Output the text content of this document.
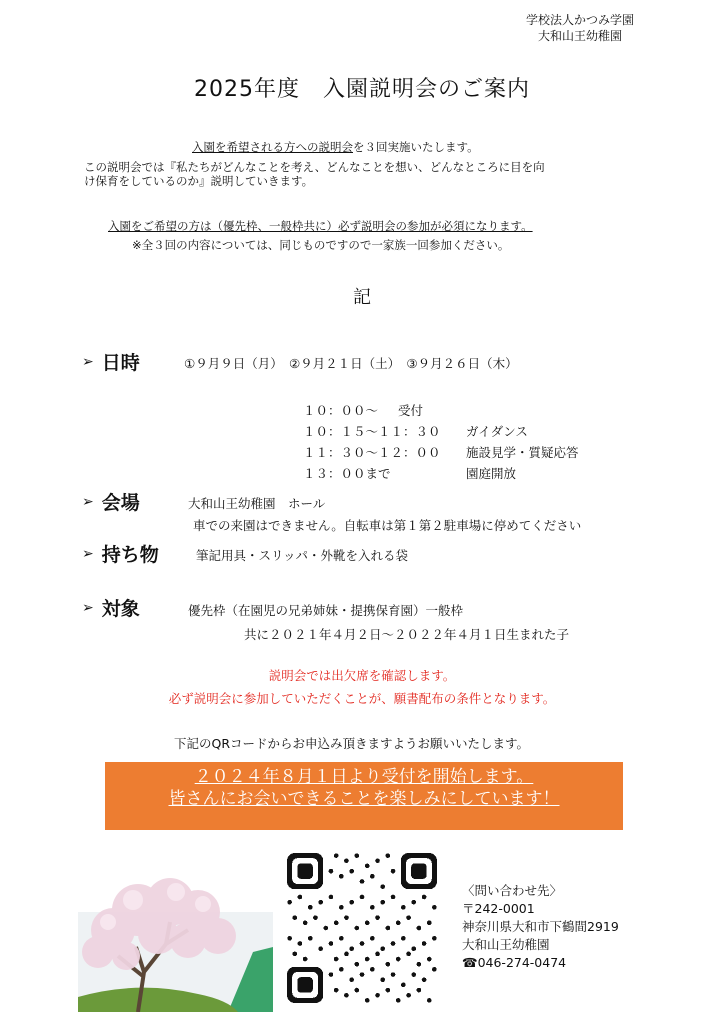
学校法人かつみ学園
大和山王幼稚園
2025年度　入園説明会のご案内
入園を希望される方への説明会を３回実施いたします。
この説明会では『私たちがどんなことを考え、どんなことを想い、どんなところに目を向
け保育をしているのか』説明していきます。
入園をご希望の方は（優先枠、一般枠共に）必ず説明会の参加が必須になります。
※全３回の内容については、同じものですので一家族一回参加ください。
記
➢ 日時	①９月９日（月）　②９月２１日（土）　③９月２６日（木）
１０：００～ 受付
１０：１５～１１：３０ ガイダンス
１１：３０～１２：００ 施設見学・質疑応答
１３：００まで	園庭開放
➢ 会場	大和山王幼稚園　ホール
車での来園はできません。自転車は第１第２駐車場に停めてください
➢ 持ち物	筆記用具・スリッパ・外靴を入れる袋
➢ 対象	優先枠（在園児の兄弟姉妹・提携保育園）一般枠
共に２０２１年４月２日～２０２２年４月１日生まれた子
説明会では出欠席を確認します。
必ず説明会に参加していただくことが、願書配布の条件となります。
下記のQRコードからお申込み頂きますようお願いいたします。
２０２４年８月１日より受付を開始します。
皆さんにお会いできることを楽しみにしています！
〈問い合わせ先〉
〒242-0001
神奈川県大和市下鶴間2919
大和山王幼稚園
☎046-274-0474
